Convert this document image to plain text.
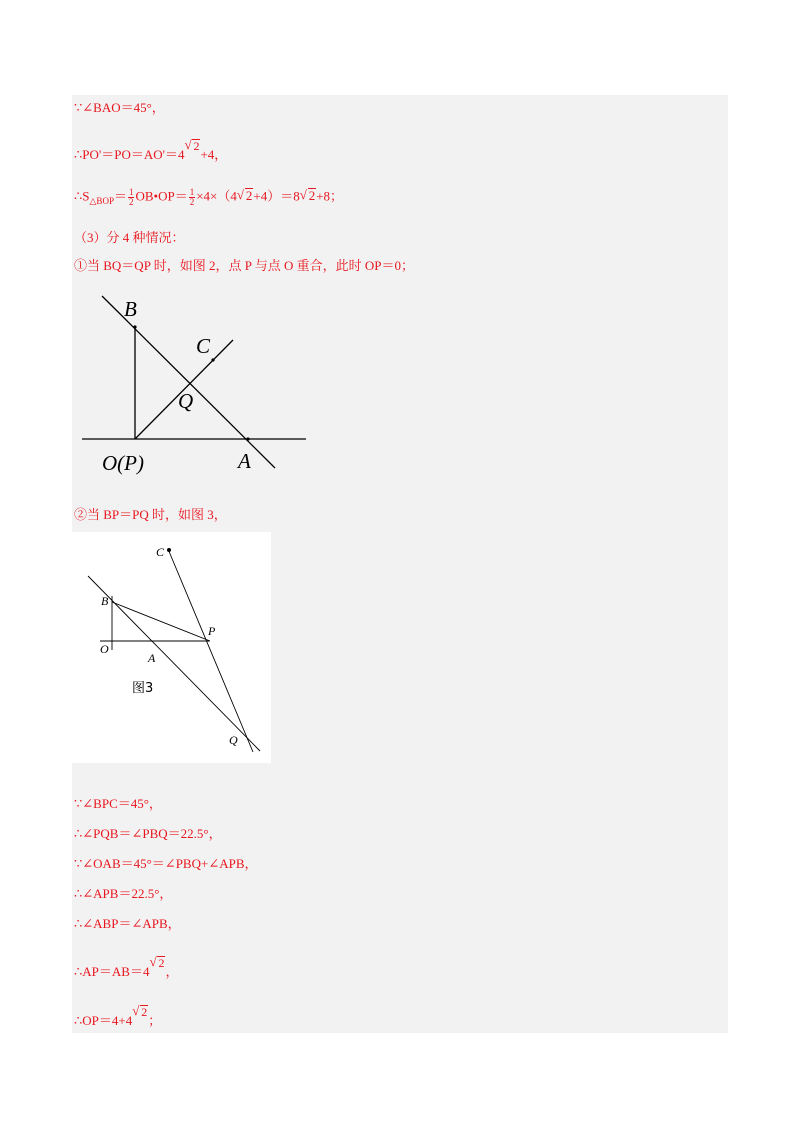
∵∠BAO＝45°，
∴PO'＝PO＝AO'＝4√ 2+4，
$\therefore S_{\triangle BOP}= \frac{1}{2}$ OB•OP＝ $\frac{1}{2} \times 4\times(4√$ 2+4）＝8√ 2+8；
（3）分 4 种情况：
①当 BQ＝QP 时，如图 2，点 P 与点 O 重合，此时 OP＝0；
B
C
Q
O(P)	A
②当 BP＝PQ 时，如图 3，
C
B
P
O
A
Q
图3
∵∠BPC＝45°，
∴∠PQB＝∠PBQ＝22.5°，
∵∠OAB＝45°＝∠PBQ+∠APB，
∴∠APB＝22.5°，
∴∠ABP＝∠APB，
∴AP＝AB＝4√ 2，
∴OP＝4+4√ 2；
